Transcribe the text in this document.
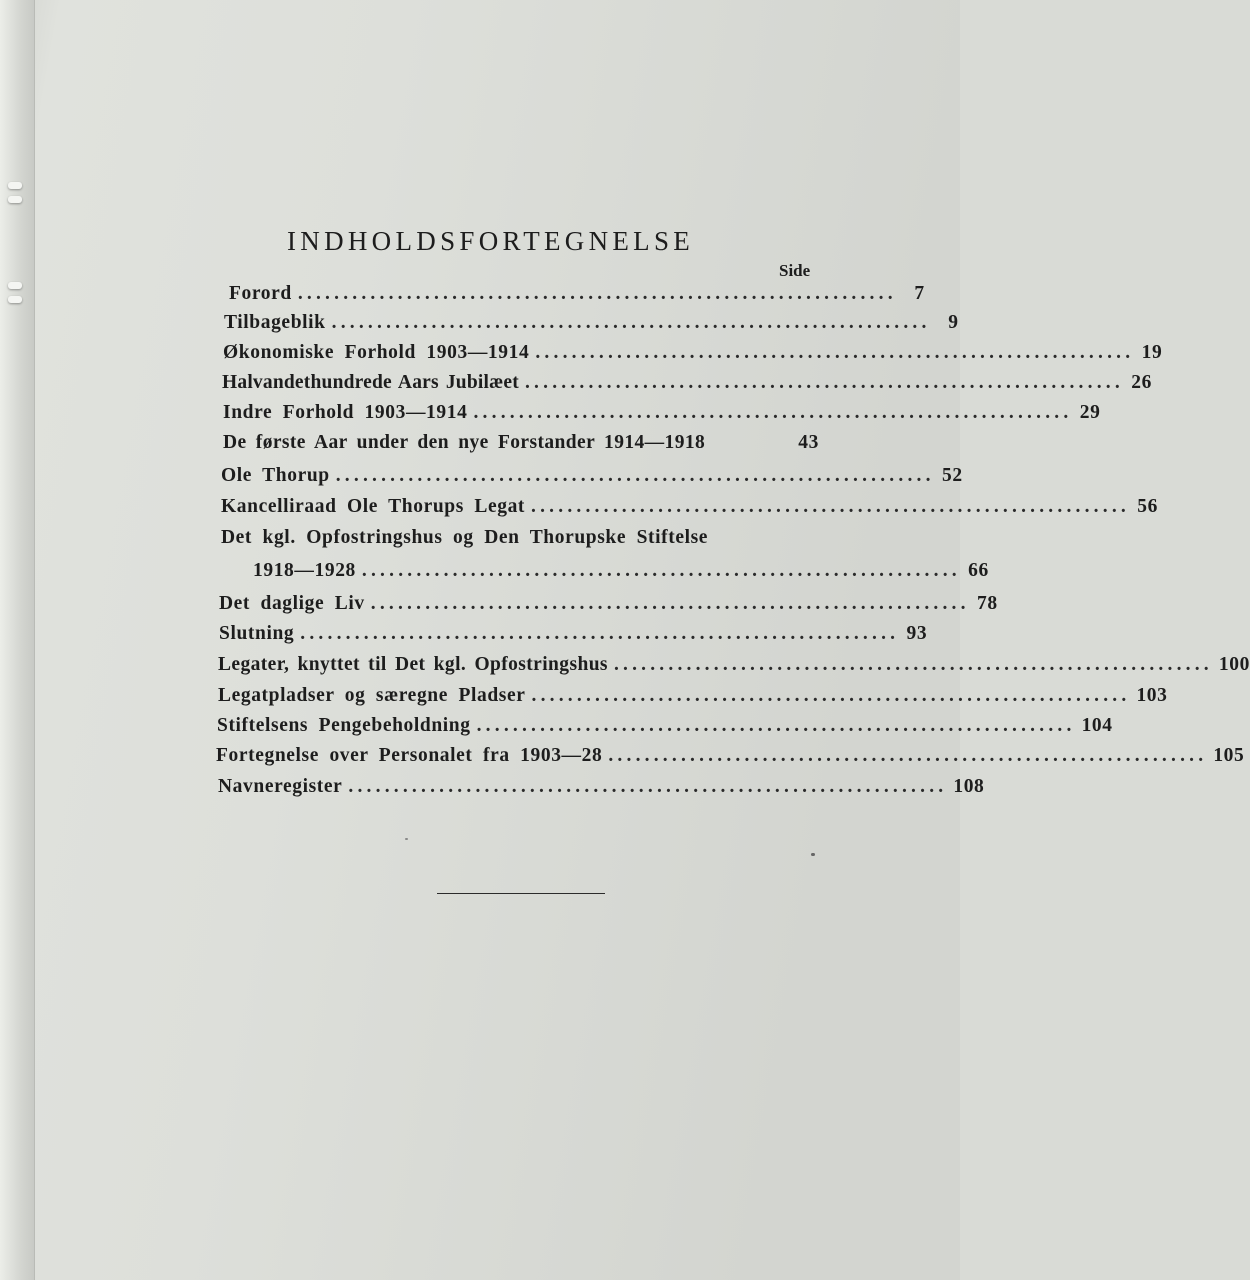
INDHOLDSFORTEGNELSE
Side
Forord .................................................................. 7
Tilbageblik .................................................................. 9
Økonomiske Forhold 1903—1914 .................................................................. 19
Halvandethundrede Aars Jubilæet .................................................................. 26
Indre Forhold 1903—1914 .................................................................. 29
De første Aar under den nye Forstander 1914—1918	43
Ole Thorup .................................................................. 52
Kancelliraad Ole Thorups Legat .................................................................. 56
Det kgl. Opfostringshus og Den Thorupske Stiftelse
1918—1928 .................................................................. 66
Det daglige Liv .................................................................. 78
Slutning .................................................................. 93
Legater, knyttet til Det kgl. Opfostringshus .................................................................. 100
Legatpladser og særegne Pladser .................................................................. 103
Stiftelsens Pengebeholdning .................................................................. 104
Fortegnelse over Personalet fra 1903—28 .................................................................. 105
Navneregister .................................................................. 108
